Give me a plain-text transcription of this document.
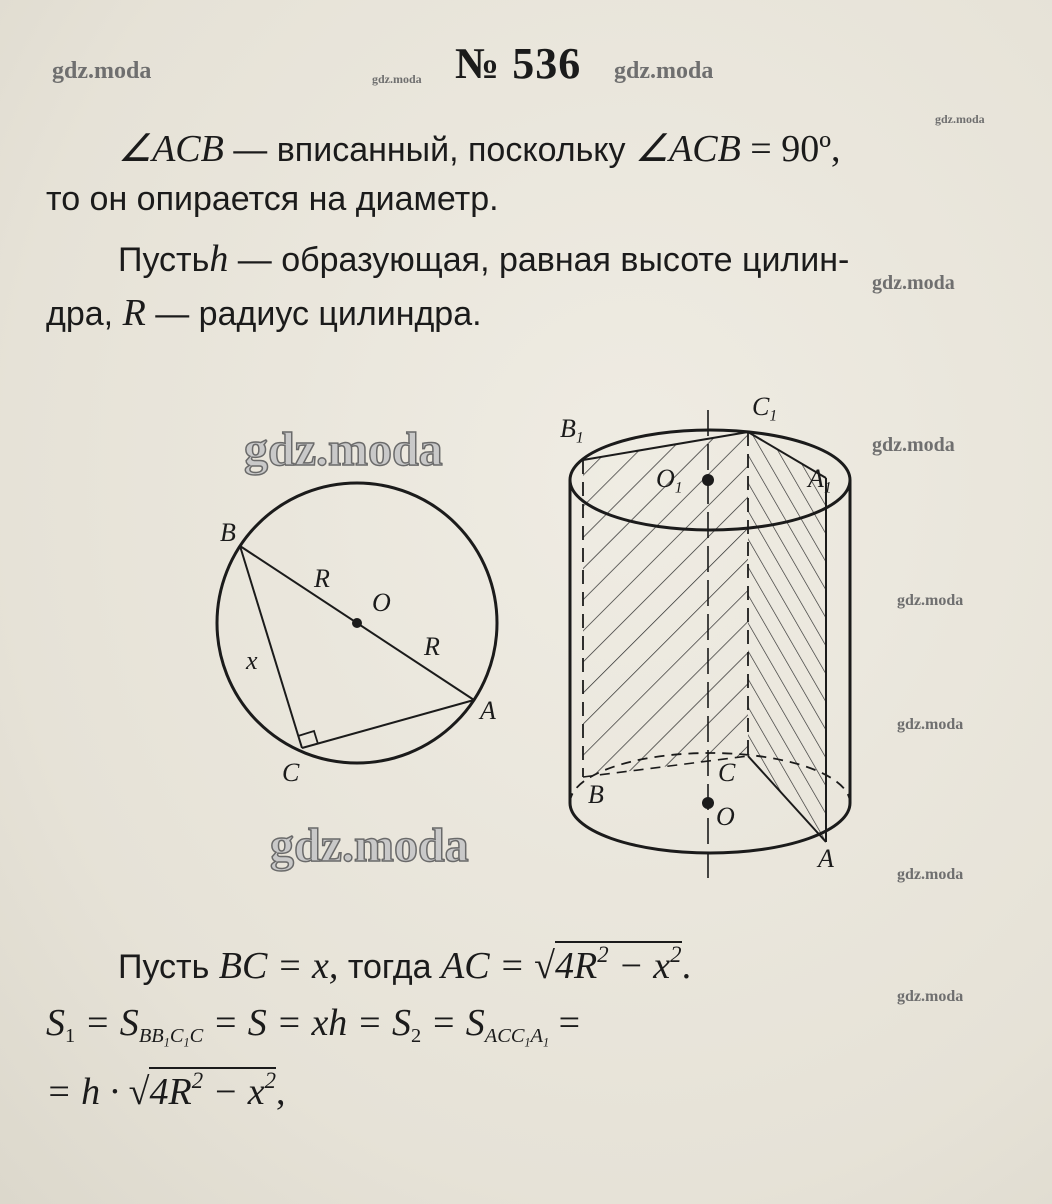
gdz.moda	gdz.moda	gdz.moda
gdz.moda
gdz.moda
gdz.moda
gdz.moda
gdz.moda
gdz.moda
gdz.moda
gdz.moda
gdz.moda
№ 536
∠ACB — вписанный, поскольку ∠ACB = 90º,
то он опирается на диаметр.
Пустьh — образующая, равная высоте цилин-
дра, R — радиус цилиндра.
B
R
O
R
x
A
C
$B_1$
$C_1$
$O_1$	$A_1$
B
C
O
A
Пусть BC = x, тогда AC = $√4R^2 - x^2$.
$S_1 = S_{BB_1C_1C} = S$ = xh = $S_2 = S_{ACC_1A_1}$ =
= $h \cdot √4R^2 - x^2$,
